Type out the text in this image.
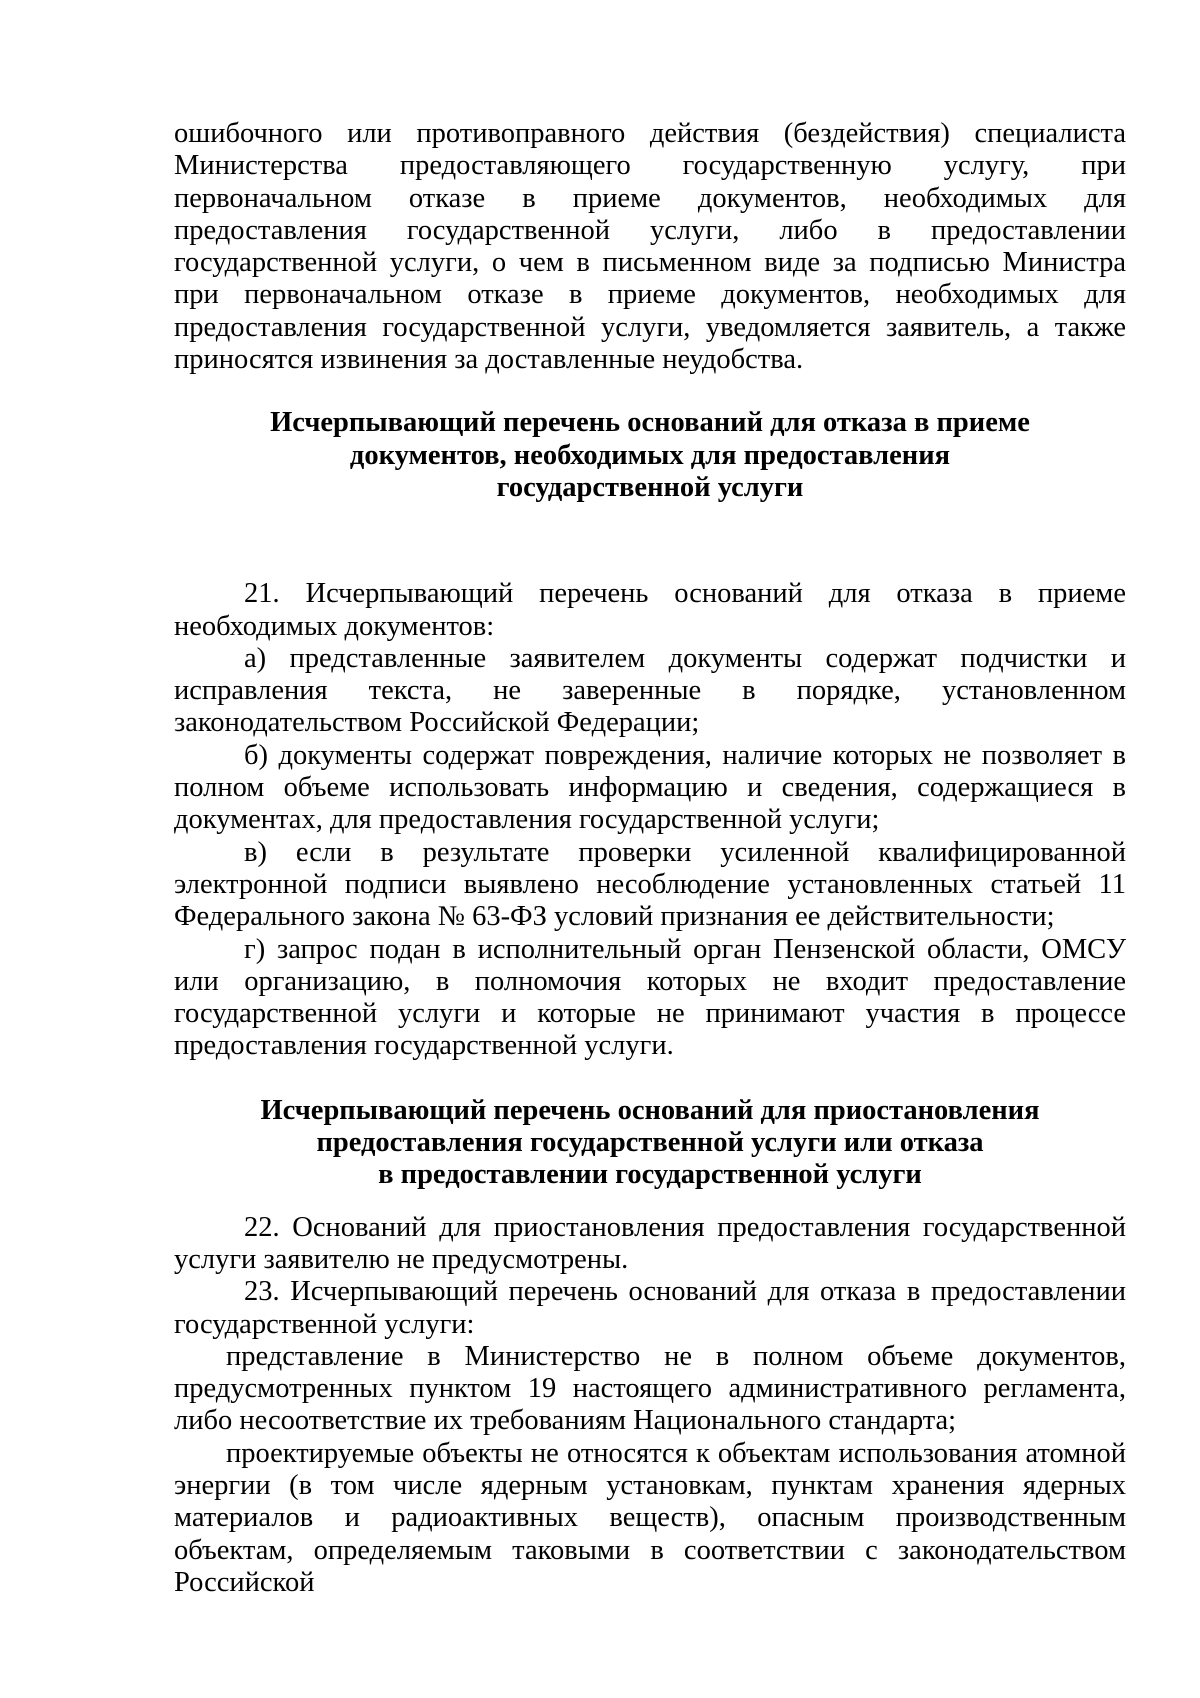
ошибочного или противоправного действия (бездействия) специалиста Министерства предоставляющего государственную услугу, при первоначальном отказе в приеме документов, необходимых для предоставления государственной услуги, либо в предоставлении государственной услуги, о чем в письменном виде за подписью Министра при первоначальном отказе в приеме документов, необходимых для предоставления государственной услуги, уведомляется заявитель, а также приносятся извинения за доставленные неудобства.

Исчерпывающий перечень оснований для отказа в приеме
документов, необходимых для предоставления
государственной услуги

21. Исчерпывающий перечень оснований для отказа в приеме необходимых документов:

а) представленные заявителем документы содержат подчистки и исправления текста, не заверенные в порядке, установленном законодательством Российской Федерации;

б) документы содержат повреждения, наличие которых не позволяет в полном объеме использовать информацию и сведения, содержащиеся в документах, для предоставления государственной услуги;

в) если в результате проверки усиленной квалифицированной электронной подписи выявлено несоблюдение установленных статьей 11 Федерального закона № 63-ФЗ условий признания ее действительности;

г) запрос подан в исполнительный орган Пензенской области, ОМСУ или организацию, в полномочия которых не входит предоставление государственной услуги и которые не принимают участия в процессе предоставления государственной услуги.

Исчерпывающий перечень оснований для приостановления
предоставления государственной услуги или отказа
в предоставлении государственной услуги

22. Оснований для приостановления предоставления государственной услуги заявителю не предусмотрены.

23. Исчерпывающий перечень оснований для отказа в предоставлении государственной услуги:

представление в Министерство не в полном объеме документов, предусмотренных пунктом 19 настоящего административного регламента, либо несоответствие их требованиям Национального стандарта;

проектируемые объекты не относятся к объектам использования атомной энергии (в том числе ядерным установкам, пунктам хранения ядерных материалов и радиоактивных веществ), опасным производственным объектам, определяемым таковыми в соответствии с законодательством Российской
